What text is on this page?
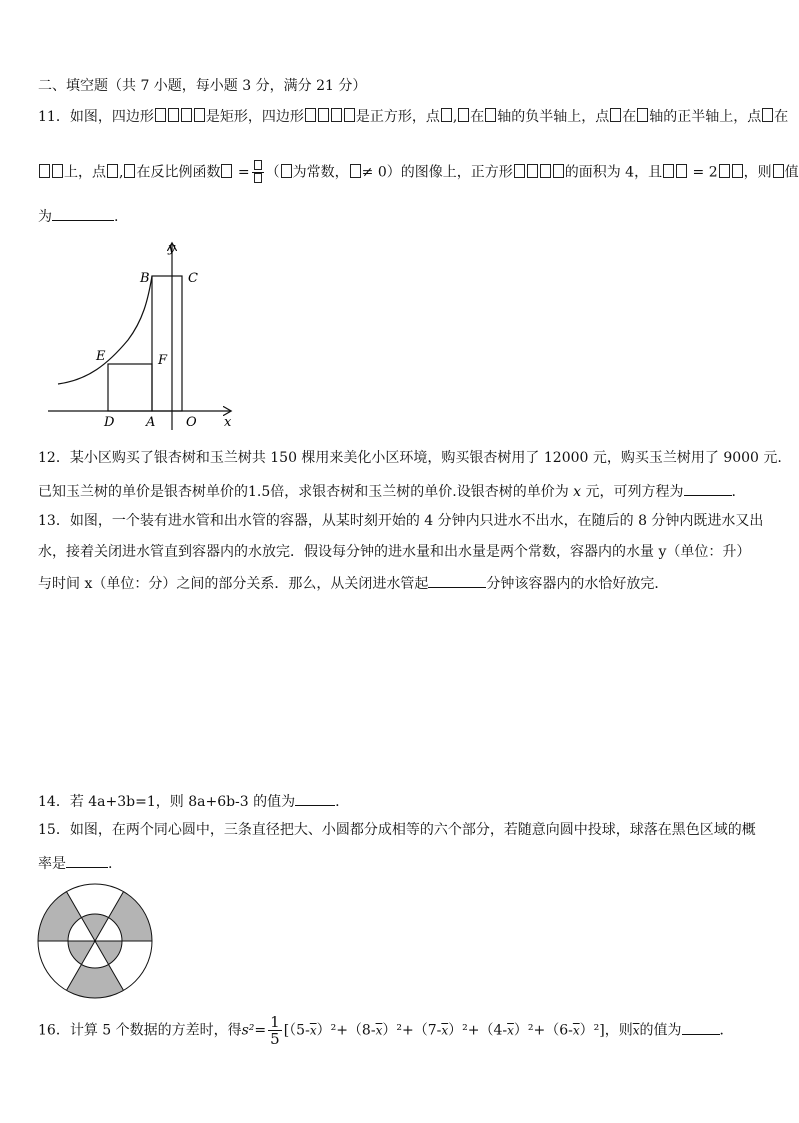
二、填空题（共 7 小题，每小题 3 分，满分 21 分）
11．如图，四边形	是矩形，四边形	是正方形，点 , 在 轴的负半轴上，点 在 轴的正半轴上，点 在
上，点 , 在反比例函数 = （ 为常数， ≠ 0）的图像上，正方形	的面积为 4，且 = 2 ，则 值
为	.
y
x
B	C
E	F
D A O
12．某小区购买了银杏树和玉兰树共 150 棵用来美化小区环境，购买银杏树用了 12000 元，购买玉兰树用了 9000 元.
已知玉兰树的单价是银杏树单价的1.5倍，求银杏树和玉兰树的单价.设银杏树的单价为 x 元，可列方程为	.
13．如图，一个装有进水管和出水管的容器，从某时刻开始的 4 分钟内只进水不出水，在随后的 8 分钟内既进水又出
水，接着关闭进水管直到容器内的水放完．假设每分钟的进水量和出水量是两个常数，容器内的水量 y（单位：升）
与时间 x（单位：分）之间的部分关系．那么，从关闭进水管起	分钟该容器内的水恰好放完．
14．若 4a+3b=1，则 8a+6b-3 的值为	.
15．如图，在两个同心圆中，三条直径把大、小圆都分成相等的六个部分，若随意向圆中投球，球落在黑色区域的概
率是	.
16．计算 5 个数据的方差时，得$s^2= \frac{1}{5} [(5-\overline{x})^2+(8-\overline{x})^2+(7-\overline{x})^2+(4-\overline{x})^2+(6-\overline{x})^2]$，则$\overline{x}$的值为	．
